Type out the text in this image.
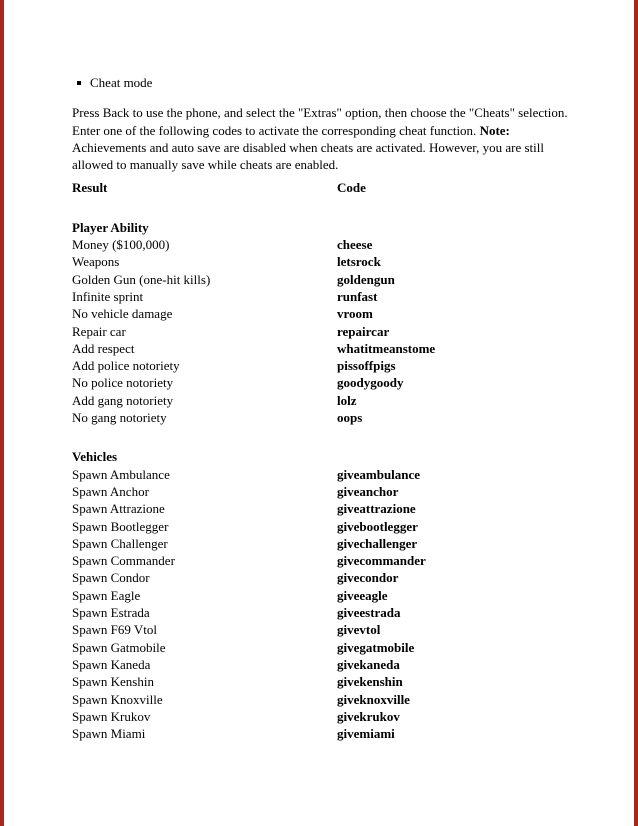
Cheat mode
Press Back to use the phone, and select the "Extras" option, then choose the "Cheats" selection.
Enter one of the following codes to activate the corresponding cheat function. Note:
Achievements and auto save are disabled when cheats are activated. However, you are still
allowed to manually save while cheats are enabled.
Result	Code
Player Ability
Money ($100,000)	cheese
Weapons	letsrock
Golden Gun (one-hit kills)	goldengun
Infinite sprint	runfast
No vehicle damage	vroom
Repair car	repaircar
Add respect	whatitmeanstome
Add police notoriety	pissoffpigs
No police notoriety	goodygoody
Add gang notoriety	lolz
No gang notoriety	oops
Vehicles
Spawn Ambulance	giveambulance
Spawn Anchor	giveanchor
Spawn Attrazione	giveattrazione
Spawn Bootlegger	givebootlegger
Spawn Challenger	givechallenger
Spawn Commander	givecommander
Spawn Condor	givecondor
Spawn Eagle	giveeagle
Spawn Estrada	giveestrada
Spawn F69 Vtol	givevtol
Spawn Gatmobile	givegatmobile
Spawn Kaneda	givekaneda
Spawn Kenshin	givekenshin
Spawn Knoxville	giveknoxville
Spawn Krukov	givekrukov
Spawn Miami	givemiami
